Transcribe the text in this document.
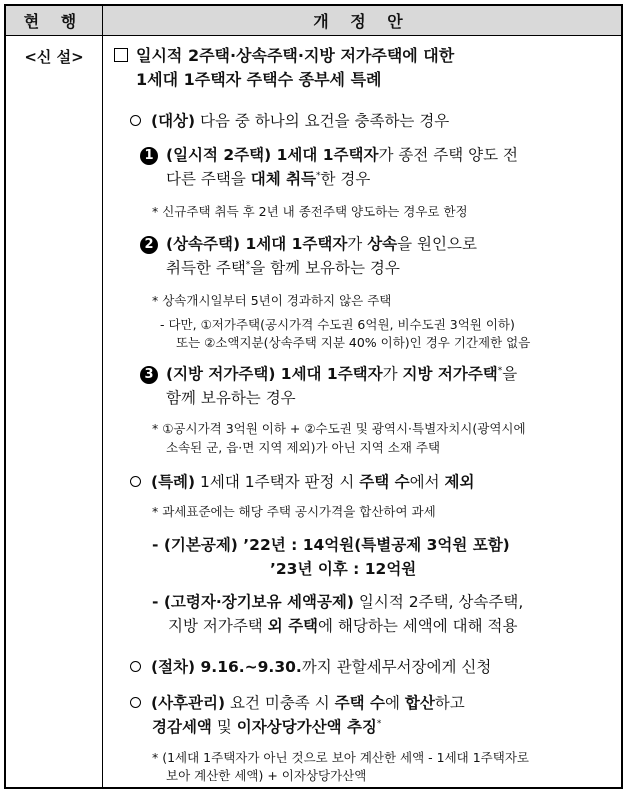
현 행	개 정 안
<신 설>	일시적 2주택·상속주택·지방 저가주택에 대한
1세대 1주택자 주택수 종부세 특례
(대상) 다음 중 하나의 요건을 충족하는 경우
1 (일시적 2주택) 1세대 1주택자가 종전 주택 양도 전
다른 주택을 대체 취득*한 경우
* 신규주택 취득 후 2년 내 종전주택 양도하는 경우로 한정
2 (상속주택) 1세대 1주택자가 상속을 원인으로
취득한 주택*을 함께 보유하는 경우
* 상속개시일부터 5년이 경과하지 않은 주택
- 다만, ①저가주택(공시가격 수도권 6억원, 비수도권 3억원 이하)
또는 ②소액지분(상속주택 지분 40% 이하)인 경우 기간제한 없음
3 (지방 저가주택) 1세대 1주택자가 지방 저가주택*을
함께 보유하는 경우
* ①공시가격 3억원 이하 + ②수도권 및 광역시·특별자치시(광역시에
소속된 군, 읍·면 지역 제외)가 아닌 지역 소재 주택
(특례) 1세대 1주택자 판정 시 주택 수에서 제외
* 과세표준에는 해당 주택 공시가격을 합산하여 과세
- (기본공제) ’22년 : 14억원(특별공제 3억원 포함)
’23년 이후 : 12억원
- (고령자·장기보유 세액공제) 일시적 2주택, 상속주택,
지방 저가주택 외 주택에 해당하는 세액에 대해 적용
(절차) 9.16.~9.30.까지 관할세무서장에게 신청
(사후관리) 요건 미충족 시 주택 수에 합산하고
경감세액 및 이자상당가산액 추징*
* (1세대 1주택자가 아닌 것으로 보아 계산한 세액 - 1세대 1주택자로
보아 계산한 세액) + 이자상당가산액
